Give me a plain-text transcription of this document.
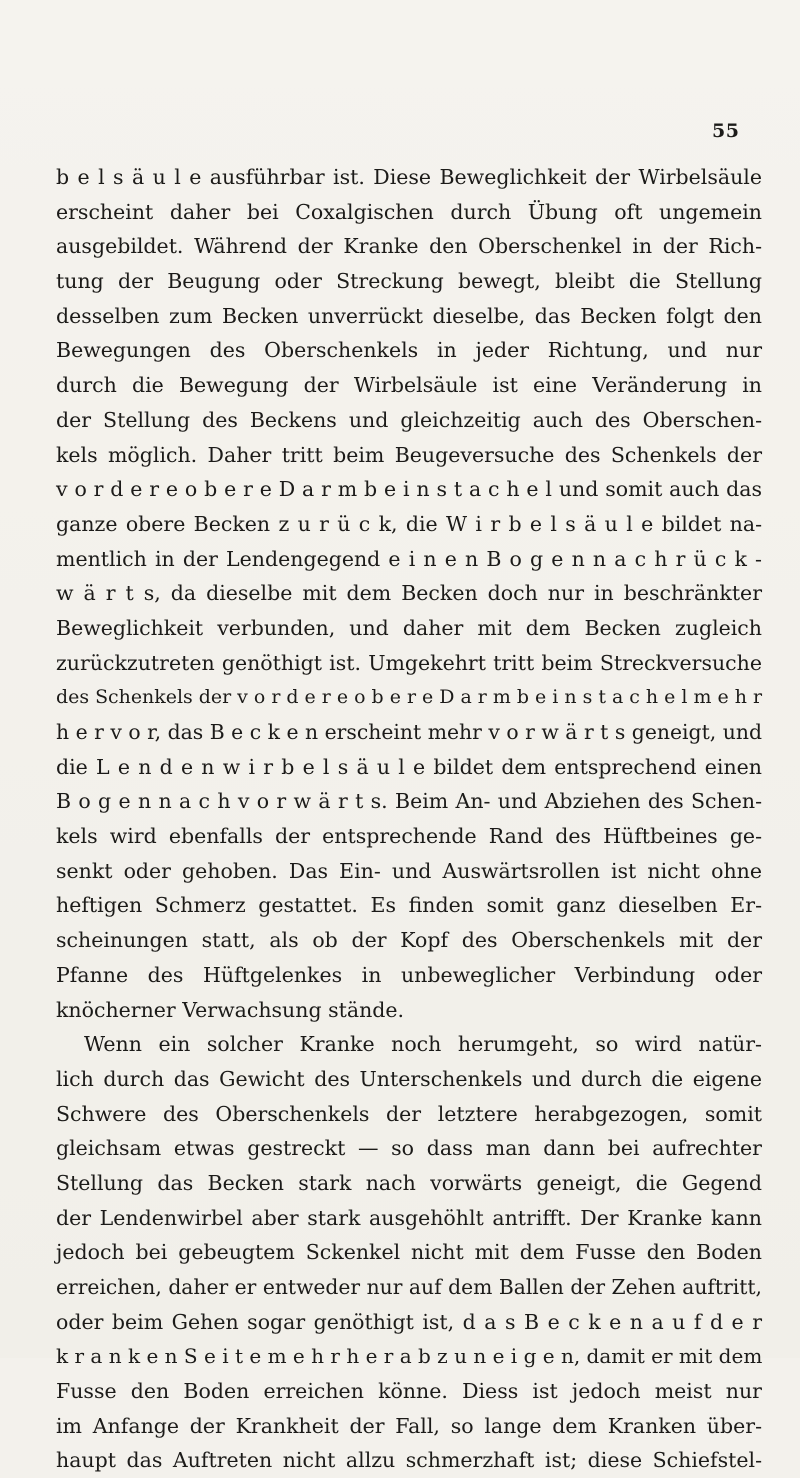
55
b e l s ä u l e ausführbar ist. Diese Beweglichkeit der Wirbelsäule
erscheint daher bei Coxalgischen durch Übung oft ungemein
ausgebildet. Während der Kranke den Oberschenkel in der Rich-
tung der Beugung oder Streckung bewegt, bleibt die Stellung
desselben zum Becken unverrückt dieselbe, das Becken folgt den
Bewegungen des Oberschenkels in jeder Richtung, und nur
durch die Bewegung der Wirbelsäule ist eine Veränderung in
der Stellung des Beckens und gleichzeitig auch des Oberschen-
kels möglich. Daher tritt beim Beugeversuche des Schenkels der
v o r d e r e o b e r e D a r m b e i n s t a c h e l und somit auch das
ganze obere Becken z u r ü c k, die W i r b e l s ä u l e bildet na-
mentlich in der Lendengegend e i n e n B o g e n n a c h r ü c k -
w ä r t s, da dieselbe mit dem Becken doch nur in beschränkter
Beweglichkeit verbunden, und daher mit dem Becken zugleich
zurückzutreten genöthigt ist. Umgekehrt tritt beim Streckversuche
des Schenkels der v o r d e r e o b e r e D a r m b e i n s t a c h e l m e h r
h e r v o r, das B e c k e n erscheint mehr v o r w ä r t s geneigt, und
die L e n d e n w i r b e l s ä u l e bildet dem entsprechend einen
B o g e n n a c h v o r w ä r t s. Beim An- und Abziehen des Schen-
kels wird ebenfalls der entsprechende Rand des Hüftbeines ge-
senkt oder gehoben. Das Ein- und Auswärtsrollen ist nicht ohne
heftigen Schmerz gestattet. Es finden somit ganz dieselben Er-
scheinungen statt, als ob der Kopf des Oberschenkels mit der
Pfanne des Hüftgelenkes in unbeweglicher Verbindung oder
knöcherner Verwachsung stände.
Wenn ein solcher Kranke noch herumgeht, so wird natür-
lich durch das Gewicht des Unterschenkels und durch die eigene
Schwere des Oberschenkels der letztere herabgezogen, somit
gleichsam etwas gestreckt — so dass man dann bei aufrechter
Stellung das Becken stark nach vorwärts geneigt, die Gegend
der Lendenwirbel aber stark ausgehöhlt antrifft. Der Kranke kann
jedoch bei gebeugtem Sckenkel nicht mit dem Fusse den Boden
erreichen, daher er entweder nur auf dem Ballen der Zehen auftritt,
oder beim Gehen sogar genöthigt ist, d a s B e c k e n a u f d e r
k r a n k e n S e i t e m e h r h e r a b z u n e i g e n, damit er mit dem
Fusse den Boden erreichen könne. Diess ist jedoch meist nur
im Anfange der Krankheit der Fall, so lange dem Kranken über-
haupt das Auftreten nicht allzu schmerzhaft ist; diese Schiefstel-
